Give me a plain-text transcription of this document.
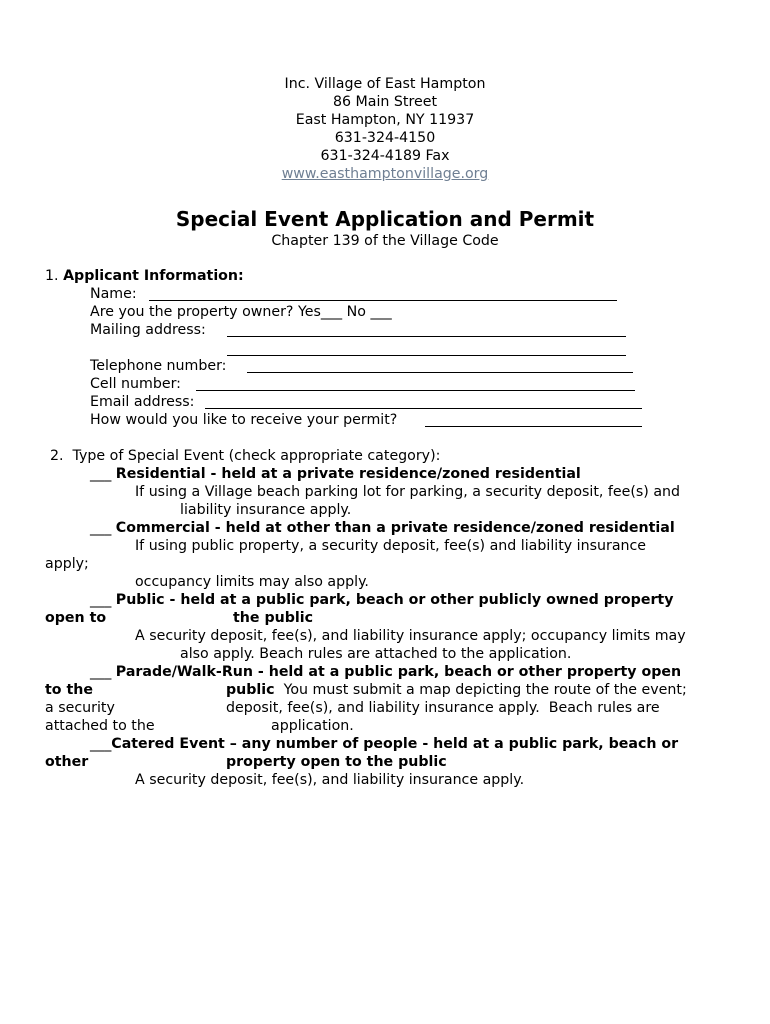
Inc. Village of East Hampton
86 Main Street
East Hampton, NY 11937
631-324-4150
631-324-4189 Fax
www.easthamptonvillage.org
Special Event Application and Permit
Chapter 139 of the Village Code
1. Applicant Information:
Name:
Are you the property owner? Yes___ No ___
Mailing address:
Telephone number:
Cell number:
Email address:
How would you like to receive your permit?
2.  Type of Special Event (check appropriate category):
___ Residential - held at a private residence/zoned residential
If using a Village beach parking lot for parking, a security deposit, fee(s) and
liability insurance apply.
___ Commercial - held at other than a private residence/zoned residential
If using public property, a security deposit, fee(s) and liability insurance
apply;
occupancy limits may also apply.
___ Public - held at a public park, beach or other publicly owned property
open to	the public
A security deposit, fee(s), and liability insurance apply; occupancy limits may
also apply. Beach rules are attached to the application.
___ Parade/Walk-Run - held at a public park, beach or other property open
to the	public You must submit a map depicting the route of the event;
a security	deposit, fee(s), and liability insurance apply.  Beach rules are
attached to the	application.
___Catered Event – any number of people - held at a public park, beach or
other	property open to the public
A security deposit, fee(s), and liability insurance apply.
